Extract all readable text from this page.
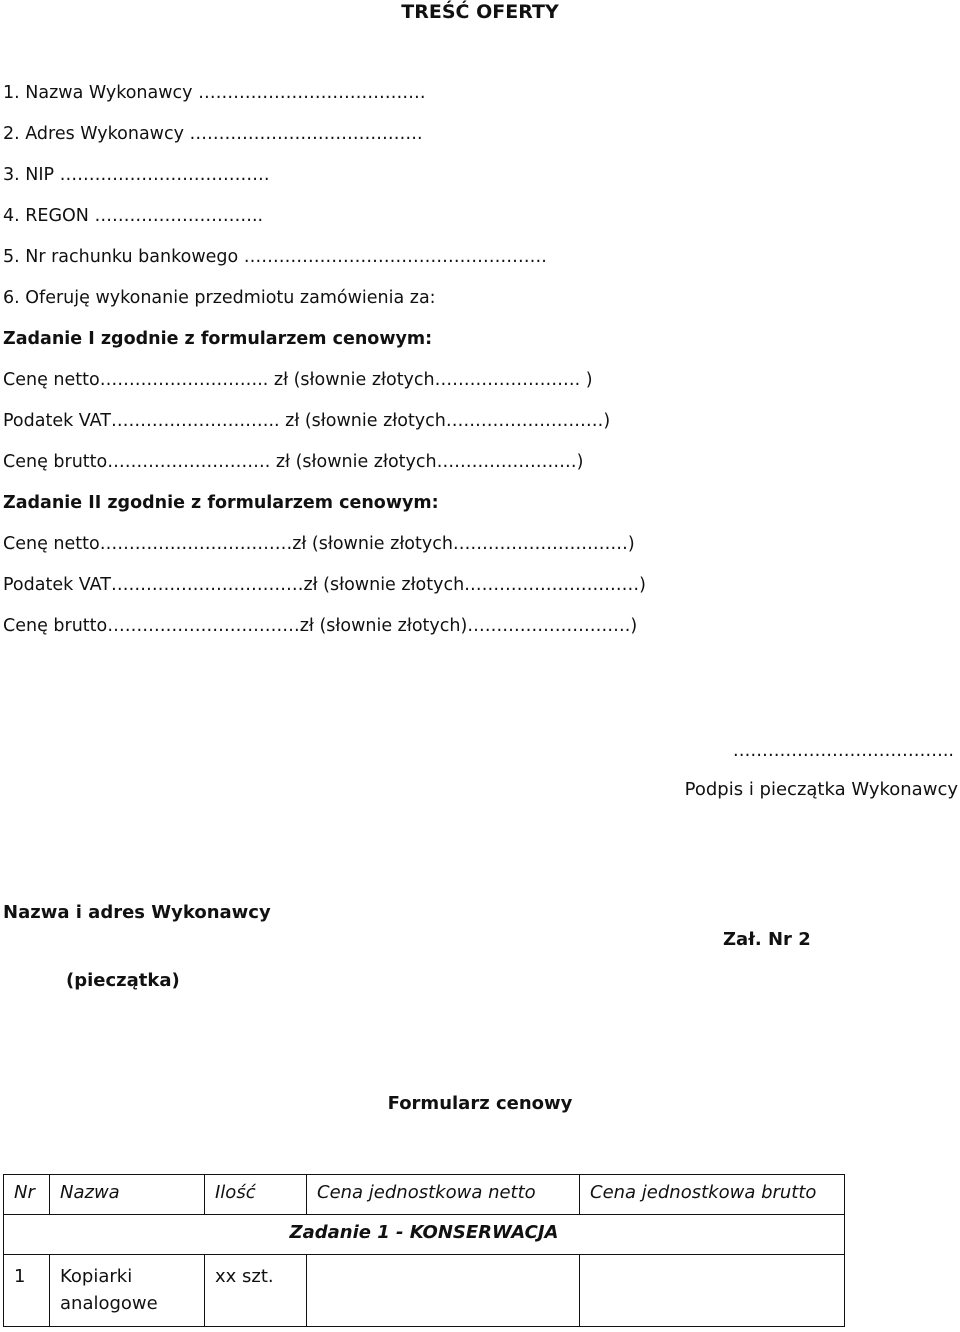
TREŚĆ OFERTY
1. Nazwa Wykonawcy …………………………………
2. Adres Wykonawcy ………………………………….
3. NIP ………………………………
4. REGON ………………………..
5. Nr rachunku bankowego …………………………………………….
6. Oferuję wykonanie przedmiotu zamówienia za:
Zadanie I zgodnie z formularzem cenowym:
Cenę netto……………………….. zł (słownie złotych……………………. )
Podatek VAT……………………….. zł (słownie złotych………………………)
Cenę brutto………………………. zł (słownie złotych……………………)
Zadanie II zgodnie z formularzem cenowym:
Cenę netto……………………………zł (słownie złotych…………………………)
Podatek VAT……………………………zł (słownie złotych…………………………)
Cenę brutto……………………………zł (słownie złotych)……………………….)
………………………………..
Podpis i pieczątka Wykonawcy
Nazwa i adres Wykonawcy
(pieczątka)
Zał. Nr 2
Formularz cenowy
Nr	Nazwa	Ilość	Cena jednostkowa netto	Cena jednostkowa brutto
Zadanie 1 - KONSERWACJA				
1	Kopiarki analogowe	xx szt.		
